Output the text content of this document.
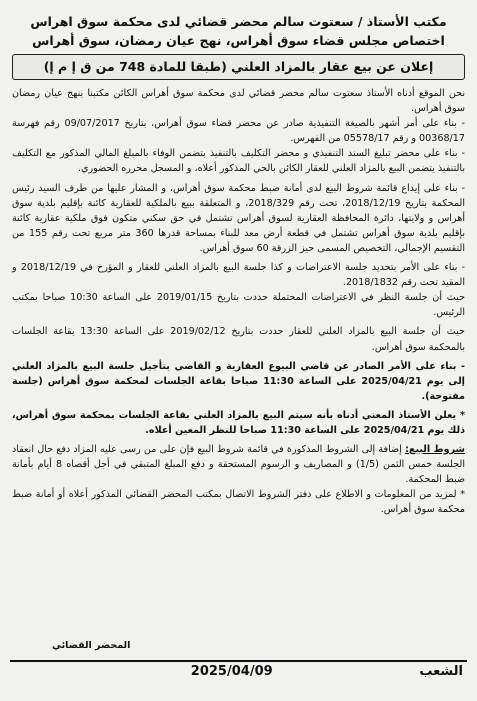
مكتب الأستاذ / سعتوت سالم محضر قضائي لدى محكمة سوق اهراس

اختصاص مجلس قضاء سوق أهراس، نهج عيان رمضان، سوق أهراس

إعلان عن بيع عقار بالمزاد العلني (طبقا للمادة 748 من ق إ م إ)

نحن الموقع أدناه الأستاذ سعتوت سالم محضر قضائي لدى محكمة سوق أهراس الكائن مكتبنا بنهج عيان رمضان سوق أهراس.

- بناء على أمر أشهر بالصيغة التنفيذية صادر عن محضر قضاء سوق أهراس، بتاريخ 09/07/2017 رقم فهرسة 00368/17 و رقم 05578/17 من الفهرس.

- بناء على محضر تبليغ السند التنفيذي و محضر التكليف بالتنفيذ بتضمن الوفاء بالمبلغ المالي المذكور مع التكليف بالتنفيذ يتضمن البيع بالمزاد العلني للعقار الكائن بالحي المذكور أعلاه، و المسجل محرره الحضوري.

- بناء على إيداع قائمة شروط البيع لدى أمانة ضبط محكمة سوق أهراس، و المشار عليها من طرف السيد رئيس المحكمة بتاريخ 2018/12/19، تحت رقم 2018/329، و المتعلقة ببيع بالملكية للعقارية كائنة بإقليم بلدية سوق أهراس و ولايتها، دائرة المحافظة العقارية لسوق أهراس تشتمل في حق سكني متكون فوق ملكية عقارية كائنة بإقليم بلدية سوق أهراس تشتمل في قطعة أرض معد للبناء بمساحة قدرها 360 متر مربع تحت رقم 155 من التقسيم الإجمالي، التخصيص المسمى حيز الزرقة 60 سوق أهراس.

- بناء على الأمر بتحديد جلسة الاعتراضات و كذا جلسة البيع بالمزاد العلني للعقار و المؤرخ في 2018/12/19 و المقيد تحت رقم 2018/1832.

حيث أن جلسة النظر في الاعتراضات المحتملة حددت بتاريخ 2019/01/15 على الساعة 10:30 صباحا بمكتب الرئيس.

حيث أن جلسة البيع بالمزاد العلني للعقار حددت بتاريخ 2019/02/12 على الساعة 13:30 بقاعة الجلسات بالمحكمة سوق أهراس.

- بناء على الأمر الصادر عن قاضي البيوع العقارية و القاضي بتأجيل جلسة البيع بالمزاد العلني إلى يوم 2025/04/21 على الساعة 11:30 صباحا بقاعة الجلسات لمحكمة سوق أهراس (جلسة مفتوحة).

* يعلن الأستاذ المعني أدناه بأنه سيتم البيع بالمزاد العلني بقاعة الجلسات بمحكمة سوق أهراس، ذلك يوم 2025/04/21 على الساعة 11:30 صباحا للنظر المعين أعلاه.

شروط البيع: إضافة إلى الشروط المذكورة في قائمة شروط البيع فإن على من رسى عليه المزاد دفع حال انعقاد الجلسة خمس الثمن (1/5) و المصاريف و الرسوم المستحقة و دفع المبلغ المتبقي في أجل أقصاه 8 أيام بأمانة ضبط المحكمة.

* لمزيد من المعلومات و الاطلاع على دفتر الشروط الاتصال بمكتب المحضر القضائي المذكور أعلاه أو أمانة ضبط محكمة سوق أهراس.

المحضر القضائي
الشعب
2025/04/09
